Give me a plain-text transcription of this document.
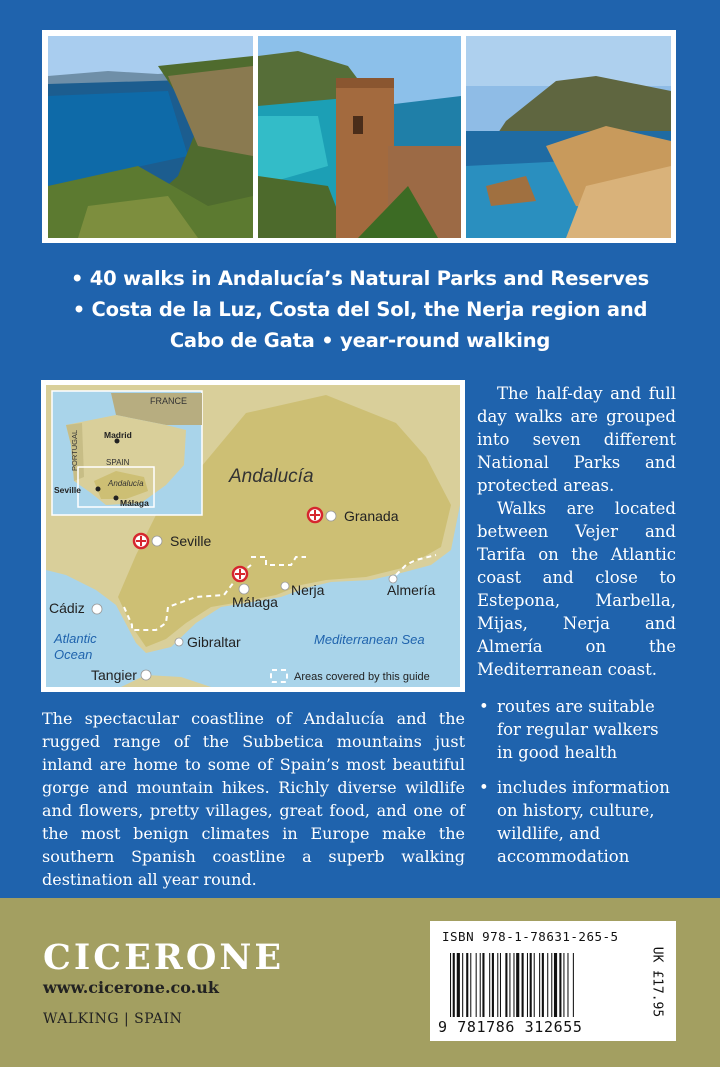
• 40 walks in Andalucía’s Natural Parks and Reserves
• Costa de la Luz, Costa del Sol, the Nerja region and
Cabo de Gata • year-round walking
FRANCE
PORTUGAL	SPAIN
Madrid
Andalucía
Seville
Málaga
Andalucía
Granada
Seville
Málaga
Nerja	Almería
Cádiz
Gibraltar
Tangier
Atlantic
Ocean
Mediterranean Sea
Areas covered by this guide

The half-day and full day walks are grouped into seven different National Parks and protected areas.

Walks are located between Vejer and Tarifa on the Atlantic coast and close to Estepona, Marbella, Mijas, Nerja and Almería on the Mediterranean coast.

• routes are suitable for regular walkers in good health
• includes information on history, culture, wildlife, and accommodation
The spectacular coastline of Andalucía and the rugged range of the Subbetica mountains just inland are home to some of Spain’s most beautiful gorge and mountain hikes. Richly diverse wildlife and flowers, pretty villages, great food, and one of the most benign climates in Europe make the southern Spanish coastline a superb walking destination all year round.
CICERONE
www.cicerone.co.uk
WALKING | SPAIN
ISBN 978-1-78631-265-5
9 781786 312655
UK £17.95
